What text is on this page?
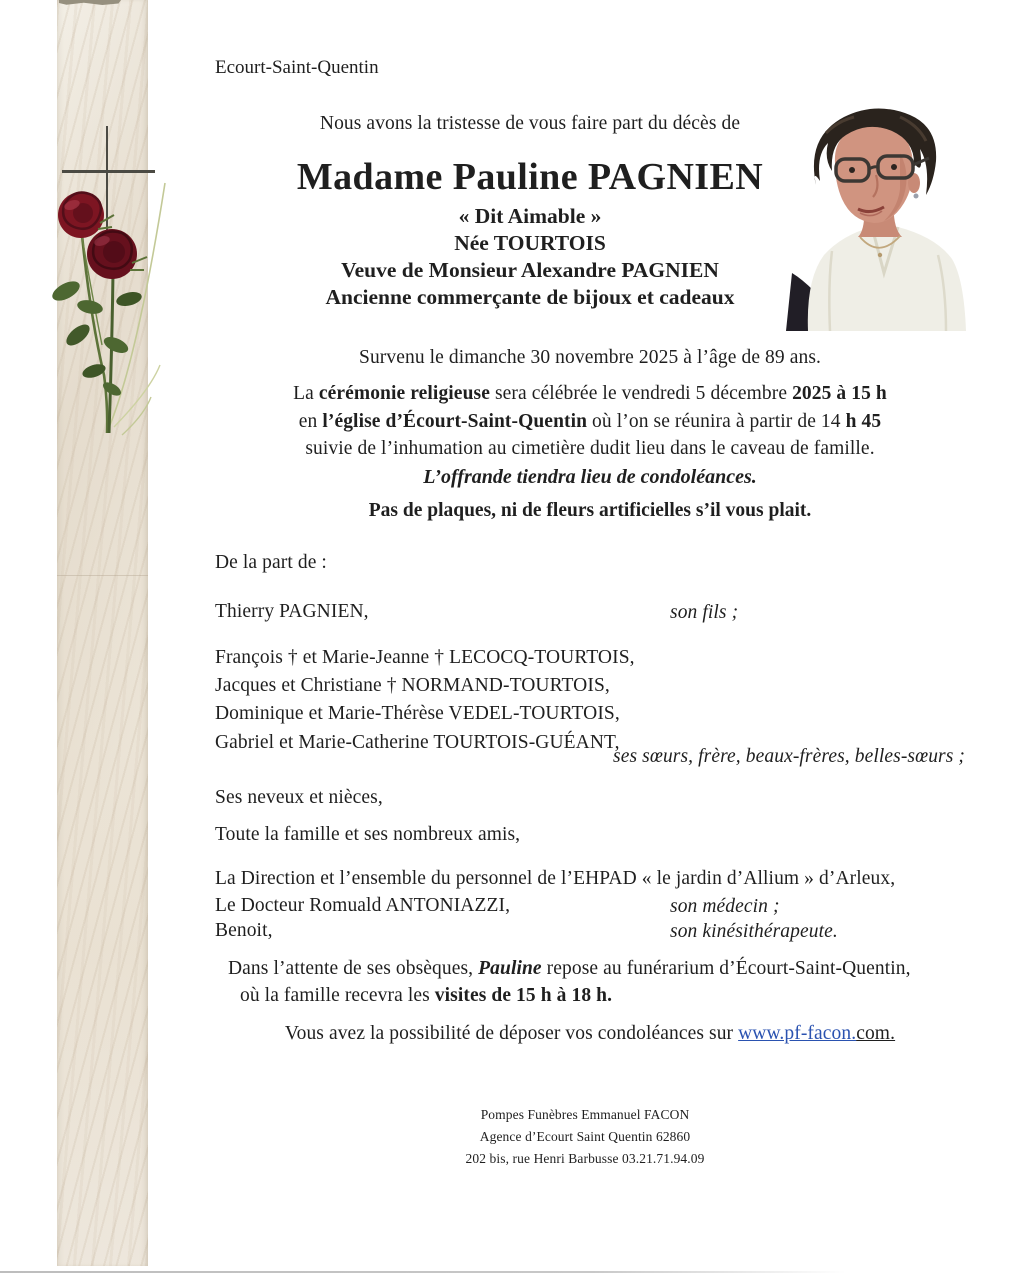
Ecourt-Saint-Quentin
Nous avons la tristesse de vous faire part du décès de
Madame Pauline PAGNIEN
« Dit Aimable »
Née TOURTOIS
Veuve de Monsieur Alexandre PAGNIEN
Ancienne commerçante de bijoux et cadeaux
Survenu le dimanche 30 novembre 2025 à l’âge de 89 ans.
La cérémonie religieuse sera célébrée le vendredi 5 décembre 2025 à 15 h
en l’église d’Écourt-Saint-Quentin où l’on se réunira à partir de 14 h 45
suivie de l’inhumation au cimetière dudit lieu dans le caveau de famille.
L’offrande tiendra lieu de condoléances.
Pas de plaques, ni de fleurs artificielles s’il vous plait.
De la part de :
Thierry PAGNIEN,	son fils ;
François † et Marie-Jeanne † LECOCQ-TOURTOIS,
Jacques et Christiane † NORMAND-TOURTOIS,
Dominique et Marie-Thérèse VEDEL-TOURTOIS,
Gabriel et Marie-Catherine TOURTOIS-GUÉANT,
ses sœurs, frère, beaux-frères, belles-sœurs ;
Ses neveux et nièces,
Toute la famille et ses nombreux amis,
La Direction et l’ensemble du personnel de l’EHPAD « le jardin d’Allium » d’Arleux,
Le Docteur Romuald ANTONIAZZI,	son médecin ;
Benoit,	son kinésithérapeute.
Dans l’attente de ses obsèques, Pauline repose au funérarium d’Écourt-Saint-Quentin,
où la famille recevra les visites de 15 h à 18 h.
Vous avez la possibilité de déposer vos condoléances sur www.pf-facon.com.
Pompes Funèbres Emmanuel FACON
Agence d’Ecourt Saint Quentin 62860
202 bis, rue Henri Barbusse 03.21.71.94.09
